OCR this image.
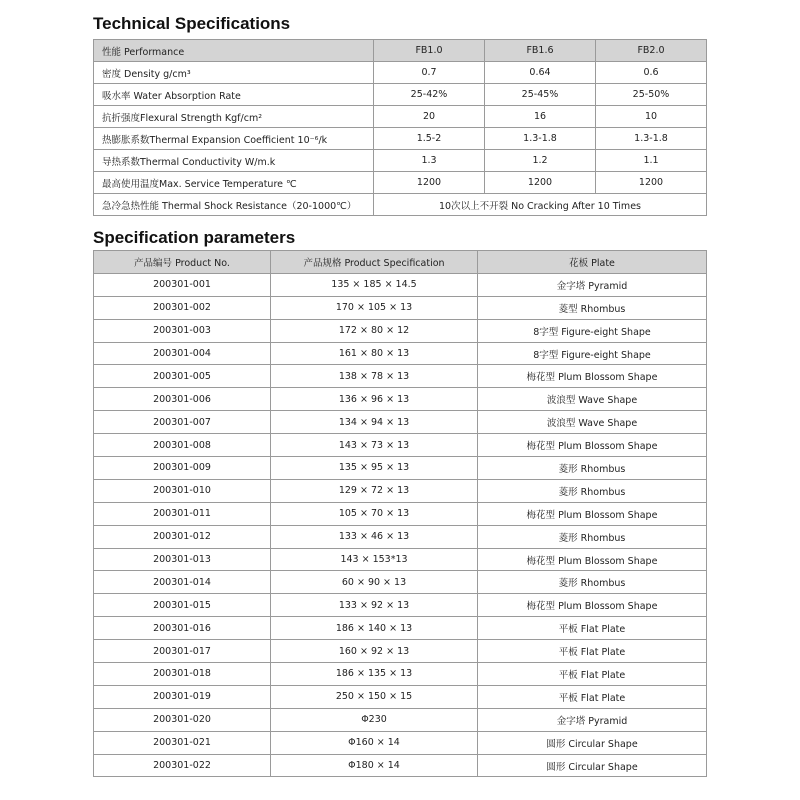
Technical Specifications
性能 Performance	FB1.0	FB1.6	FB2.0
密度 Density g/cm³	0.7	0.64	0.6
吸水率 Water Absorption Rate	25-42%	25-45%	25-50%
抗折强度Flexural Strength Kgf/cm²	20	16	10
热膨胀系数Thermal Expansion Coefficient 10⁻⁶/k	1.5-2	1.3-1.8	1.3-1.8
导热系数Thermal Conductivity W/m.k	1.3	1.2	1.1
最高使用温度Max. Service Temperature ℃	1200	1200	1200
急冷急热性能 Thermal Shock Resistance（20-1000℃）	10次以上不开裂 No Cracking After 10 Times		
Specification parameters
产品编号 Product No.	产品规格 Product Specification	花板 Plate
200301-001	135 × 185 × 14.5	金字塔 Pyramid
200301-002	170 × 105 × 13	菱型 Rhombus
200301-003	172 × 80 × 12	8字型 Figure-eight Shape
200301-004	161 × 80 × 13	8字型 Figure-eight Shape
200301-005	138 × 78 × 13	梅花型 Plum Blossom Shape
200301-006	136 × 96 × 13	波浪型 Wave Shape
200301-007	134 × 94 × 13	波浪型 Wave Shape
200301-008	143 × 73 × 13	梅花型 Plum Blossom Shape
200301-009	135 × 95 × 13	菱形 Rhombus
200301-010	129 × 72 × 13	菱形 Rhombus
200301-011	105 × 70 × 13	梅花型 Plum Blossom Shape
200301-012	133 × 46 × 13	菱形 Rhombus
200301-013	143 × 153*13	梅花型 Plum Blossom Shape
200301-014	60 × 90 × 13	菱形 Rhombus
200301-015	133 × 92 × 13	梅花型 Plum Blossom Shape
200301-016	186 × 140 × 13	平板 Flat Plate
200301-017	160 × 92 × 13	平板 Flat Plate
200301-018	186 × 135 × 13	平板 Flat Plate
200301-019	250 × 150 × 15	平板 Flat Plate
200301-020	Φ230	金字塔 Pyramid
200301-021	Φ160 × 14	圆形 Circular Shape
200301-022	Φ180 × 14	圆形 Circular Shape
